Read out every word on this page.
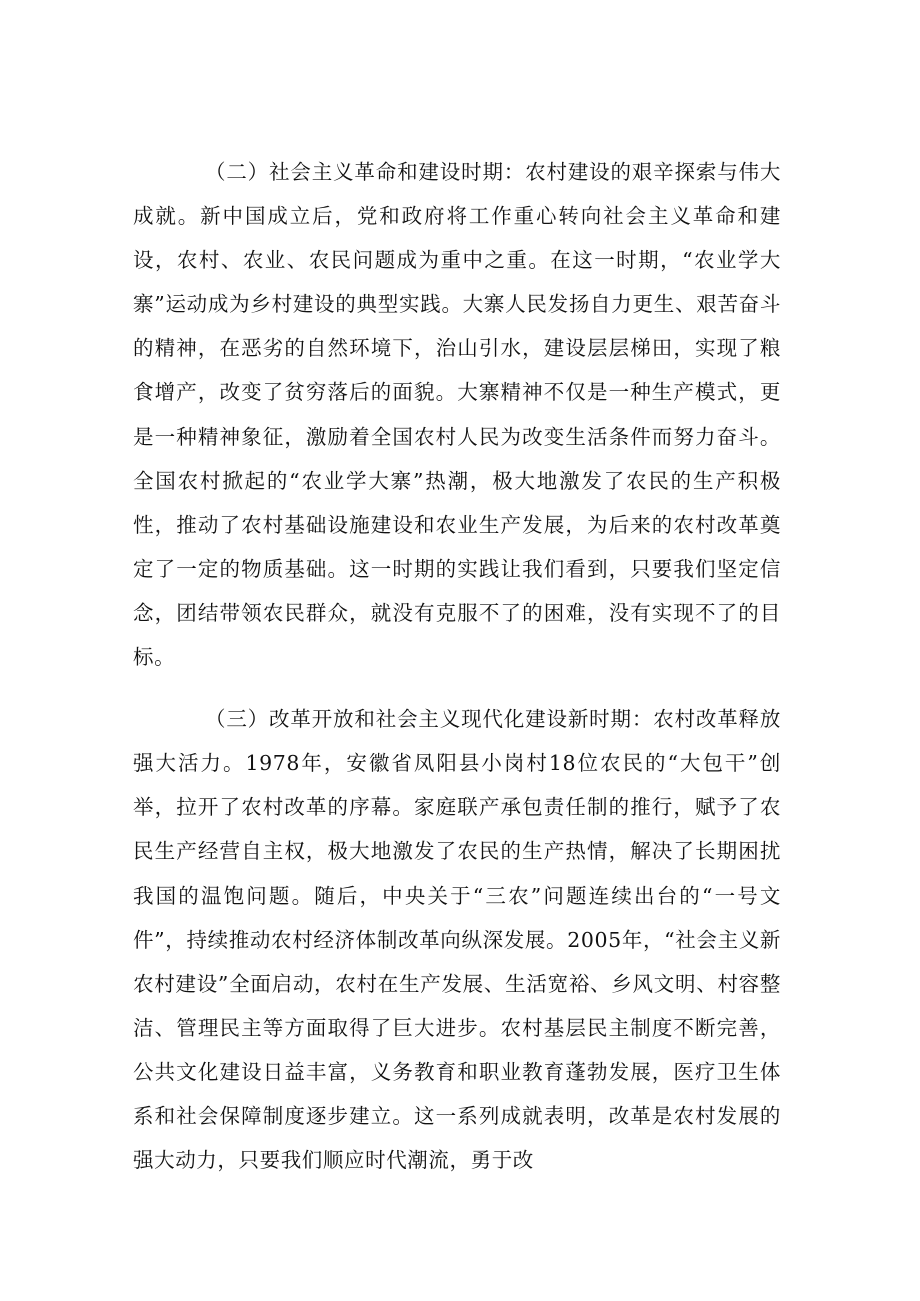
（二）社会主义革命和建设时期：农村建设的艰辛探索与伟大成就。新中国成立后，党和政府将工作重心转向社会主义革命和建设，农村、农业、农民问题成为重中之重。在这一时期，“农业学大寨”运动成为乡村建设的典型实践。大寨人民发扬自力更生、艰苦奋斗的精神，在恶劣的自然环境下，治山引水，建设层层梯田，实现了粮食增产，改变了贫穷落后的面貌。大寨精神不仅是一种生产模式，更是一种精神象征，激励着全国农村人民为改变生活条件而努力奋斗。全国农村掀起的“农业学大寨”热潮，极大地激发了农民的生产积极性，推动了农村基础设施建设和农业生产发展，为后来的农村改革奠定了一定的物质基础。这一时期的实践让我们看到，只要我们坚定信念，团结带领农民群众，就没有克服不了的困难，没有实现不了的目标。

（三）改革开放和社会主义现代化建设新时期：农村改革释放强大活力。1978年，安徽省凤阳县小岗村18位农民的“大包干”创举，拉开了农村改革的序幕。家庭联产承包责任制的推行，赋予了农民生产经营自主权，极大地激发了农民的生产热情，解决了长期困扰我国的温饱问题。随后，中央关于“三农”问题连续出台的“一号文件”，持续推动农村经济体制改革向纵深发展。2005年，“社会主义新农村建设”全面启动，农村在生产发展、生活宽裕、乡风文明、村容整洁、管理民主等方面取得了巨大进步。农村基层民主制度不断完善，公共文化建设日益丰富，义务教育和职业教育蓬勃发展，医疗卫生体系和社会保障制度逐步建立。这一系列成就表明，改革是农村发展的强大动力，只要我们顺应时代潮流，勇于改
